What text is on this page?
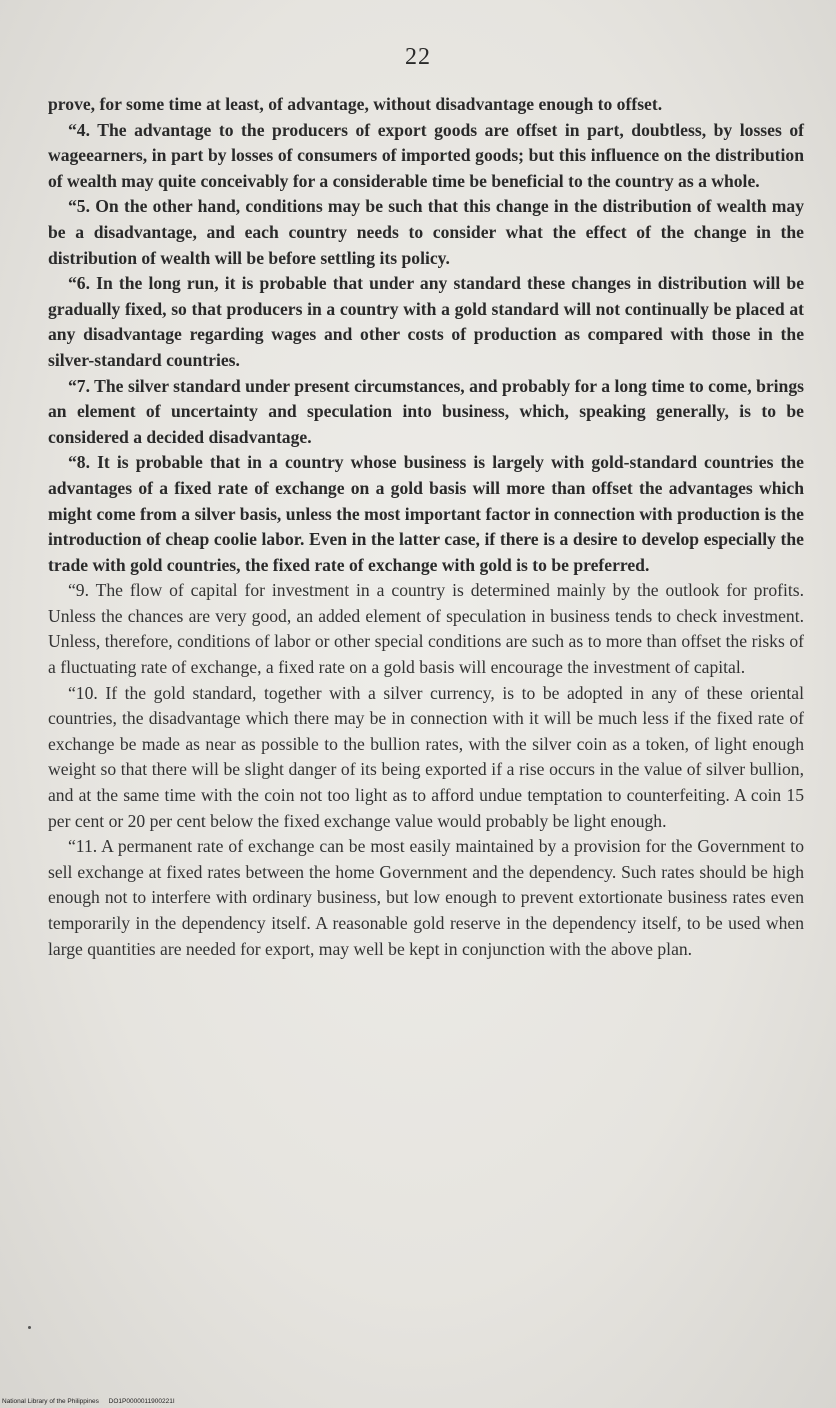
22

prove, for some time at least, of advantage, without disadvantage enough to offset.

“4. The advantage to the producers of export goods are offset in part, doubtless, by losses of wageearners, in part by losses of consumers of imported goods; but this influence on the distribution of wealth may quite conceivably for a considerable time be beneficial to the country as a whole.

“5. On the other hand, conditions may be such that this change in the distribution of wealth may be a disadvantage, and each country needs to consider what the effect of the change in the distribution of wealth will be before settling its policy.

“6. In the long run, it is probable that under any standard these changes in distribution will be gradually fixed, so that producers in a country with a gold standard will not continually be placed at any disadvantage regarding wages and other costs of production as compared with those in the silver-standard countries.

“7. The silver standard under present circumstances, and probably for a long time to come, brings an element of uncertainty and speculation into business, which, speaking generally, is to be considered a decided disadvantage.

“8. It is probable that in a country whose business is largely with gold-standard countries the advantages of a fixed rate of exchange on a gold basis will more than offset the advantages which might come from a silver basis, unless the most important factor in connection with production is the introduction of cheap coolie labor. Even in the latter case, if there is a desire to develop especially the trade with gold countries, the fixed rate of exchange with gold is to be preferred.

“9. The flow of capital for investment in a country is determined mainly by the outlook for profits. Unless the chances are very good, an added element of speculation in business tends to check investment. Unless, therefore, conditions of labor or other special conditions are such as to more than offset the risks of a fluctuating rate of exchange, a fixed rate on a gold basis will encourage the investment of capital.

“10. If the gold standard, together with a silver currency, is to be adopted in any of these oriental countries, the disadvantage which there may be in connection with it will be much less if the fixed rate of exchange be made as near as possible to the bullion rates, with the silver coin as a token, of light enough weight so that there will be slight danger of its being exported if a rise occurs in the value of silver bullion, and at the same time with the coin not too light as to afford undue temptation to counterfeiting. A coin 15 per cent or 20 per cent below the fixed exchange value would probably be light enough.

“11. A permanent rate of exchange can be most easily maintained by a provision for the Government to sell exchange at fixed rates between the home Government and the dependency. Such rates should be high enough not to interfere with ordinary business, but low enough to prevent extortionate business rates even temporarily in the dependency itself. A reasonable gold reserve in the dependency itself, to be used when large quantities are needed for export, may well be kept in conjunction with the above plan.

National Library of the Philippines DO1P0000011900221I
